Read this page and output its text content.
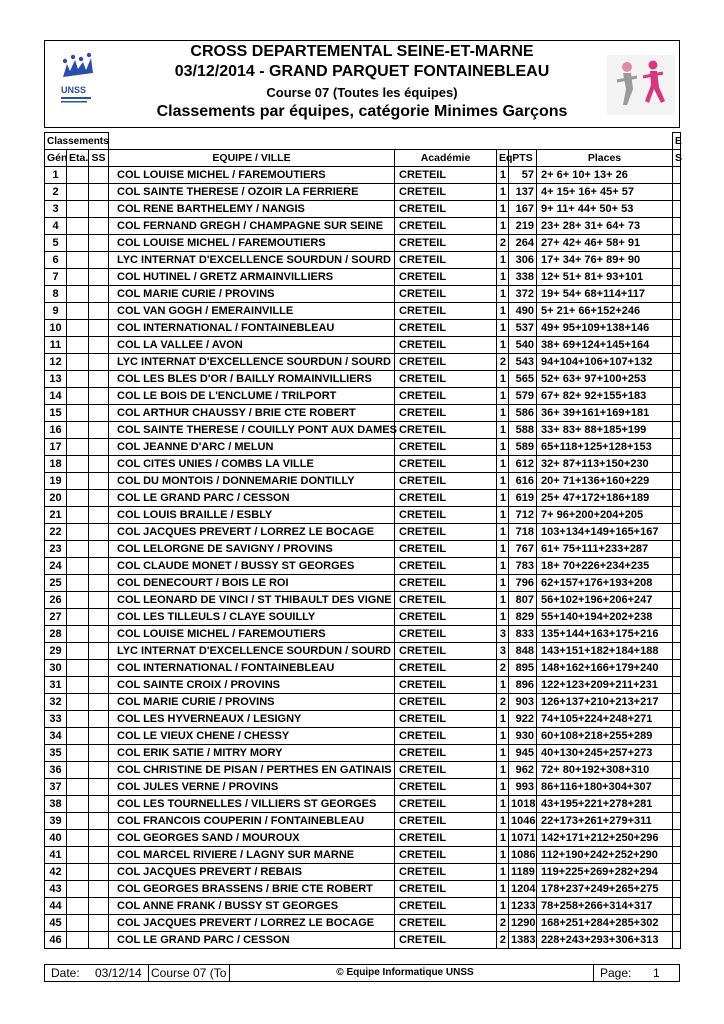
UNSS
CROSS DEPARTEMENTAL SEINE-ET-MARNE
03/12/2014 - GRAND PARQUET FONTAINEBLEAU
Course 07 (Toutes les équipes)
Classements par équipes, catégorie Minimes Garçons
Classements								E
Gén	Eta.	SS	EQUIPE / VILLE	Académie	Eq	PTS	Places	S
1			COL LOUISE MICHEL / FAREMOUTIERS	CRETEIL	1	57	2+ 6+ 10+ 13+ 26	
2			COL SAINTE THERESE / OZOIR LA FERRIERE	CRETEIL	1	137	4+ 15+ 16+ 45+ 57	
3			COL RENE BARTHELEMY / NANGIS	CRETEIL	1	167	9+ 11+ 44+ 50+ 53	
4			COL FERNAND GREGH / CHAMPAGNE SUR SEINE	CRETEIL	1	219	23+ 28+ 31+ 64+ 73	
5			COL LOUISE MICHEL / FAREMOUTIERS	CRETEIL	2	264	27+ 42+ 46+ 58+ 91	
6			LYC INTERNAT D'EXCELLENCE SOURDUN / SOURD	CRETEIL	1	306	17+ 34+ 76+ 89+ 90	
7			COL HUTINEL / GRETZ ARMAINVILLIERS	CRETEIL	1	338	12+ 51+ 81+ 93+101	
8			COL MARIE CURIE / PROVINS	CRETEIL	1	372	19+ 54+ 68+114+117	
9			COL VAN GOGH / EMERAINVILLE	CRETEIL	1	490	5+ 21+ 66+152+246	
10			COL INTERNATIONAL / FONTAINEBLEAU	CRETEIL	1	537	49+ 95+109+138+146	
11			COL LA VALLEE / AVON	CRETEIL	1	540	38+ 69+124+145+164	
12			LYC INTERNAT D'EXCELLENCE SOURDUN / SOURD	CRETEIL	2	543	94+104+106+107+132	
13			COL LES BLES D'OR / BAILLY ROMAINVILLIERS	CRETEIL	1	565	52+ 63+ 97+100+253	
14			COL LE BOIS DE L'ENCLUME / TRILPORT	CRETEIL	1	579	67+ 82+ 92+155+183	
15			COL ARTHUR CHAUSSY / BRIE CTE ROBERT	CRETEIL	1	586	36+ 39+161+169+181	
16			COL SAINTE THERESE / COUILLY PONT AUX DAMES	CRETEIL	1	588	33+ 83+ 88+185+199	
17			COL JEANNE D'ARC / MELUN	CRETEIL	1	589	65+118+125+128+153	
18			COL CITES UNIES / COMBS LA VILLE	CRETEIL	1	612	32+ 87+113+150+230	
19			COL DU MONTOIS / DONNEMARIE DONTILLY	CRETEIL	1	616	20+ 71+136+160+229	
20			COL LE GRAND PARC / CESSON	CRETEIL	1	619	25+ 47+172+186+189	
21			COL LOUIS BRAILLE / ESBLY	CRETEIL	1	712	7+ 96+200+204+205	
22			COL JACQUES PREVERT / LORREZ LE BOCAGE	CRETEIL	1	718	103+134+149+165+167	
23			COL LELORGNE DE SAVIGNY / PROVINS	CRETEIL	1	767	61+ 75+111+233+287	
24			COL CLAUDE MONET / BUSSY ST GEORGES	CRETEIL	1	783	18+ 70+226+234+235	
25			COL DENECOURT / BOIS LE ROI	CRETEIL	1	796	62+157+176+193+208	
26			COL LEONARD DE VINCI / ST THIBAULT DES VIGNE	CRETEIL	1	807	56+102+196+206+247	
27			COL LES TILLEULS / CLAYE SOUILLY	CRETEIL	1	829	55+140+194+202+238	
28			COL LOUISE MICHEL / FAREMOUTIERS	CRETEIL	3	833	135+144+163+175+216	
29			LYC INTERNAT D'EXCELLENCE SOURDUN / SOURD	CRETEIL	3	848	143+151+182+184+188	
30			COL INTERNATIONAL / FONTAINEBLEAU	CRETEIL	2	895	148+162+166+179+240	
31			COL SAINTE CROIX / PROVINS	CRETEIL	1	896	122+123+209+211+231	
32			COL MARIE CURIE / PROVINS	CRETEIL	2	903	126+137+210+213+217	
33			COL LES HYVERNEAUX / LESIGNY	CRETEIL	1	922	74+105+224+248+271	
34			COL LE VIEUX CHENE / CHESSY	CRETEIL	1	930	60+108+218+255+289	
35			COL ERIK SATIE / MITRY MORY	CRETEIL	1	945	40+130+245+257+273	
36			COL CHRISTINE DE PISAN / PERTHES EN GATINAIS	CRETEIL	1	962	72+ 80+192+308+310	
37			COL JULES VERNE / PROVINS	CRETEIL	1	993	86+116+180+304+307	
38			COL LES TOURNELLES / VILLIERS ST GEORGES	CRETEIL	1	1018	43+195+221+278+281	
39			COL FRANCOIS COUPERIN / FONTAINEBLEAU	CRETEIL	1	1046	22+173+261+279+311	
40			COL GEORGES SAND / MOUROUX	CRETEIL	1	1071	142+171+212+250+296	
41			COL MARCEL RIVIERE / LAGNY SUR MARNE	CRETEIL	1	1086	112+190+242+252+290	
42			COL JACQUES PREVERT / REBAIS	CRETEIL	1	1189	119+225+269+282+294	
43			COL GEORGES BRASSENS / BRIE CTE ROBERT	CRETEIL	1	1204	178+237+249+265+275	
44			COL ANNE FRANK / BUSSY ST GEORGES	CRETEIL	1	1233	78+258+266+314+317	
45			COL JACQUES PREVERT / LORREZ LE BOCAGE	CRETEIL	2	1290	168+251+284+285+302	
46			COL LE GRAND PARC / CESSON	CRETEIL	2	1383	228+243+293+306+313	
Date: 03/12/14 Course 07 (To	© Equipe Informatique UNSS	Page: 1
